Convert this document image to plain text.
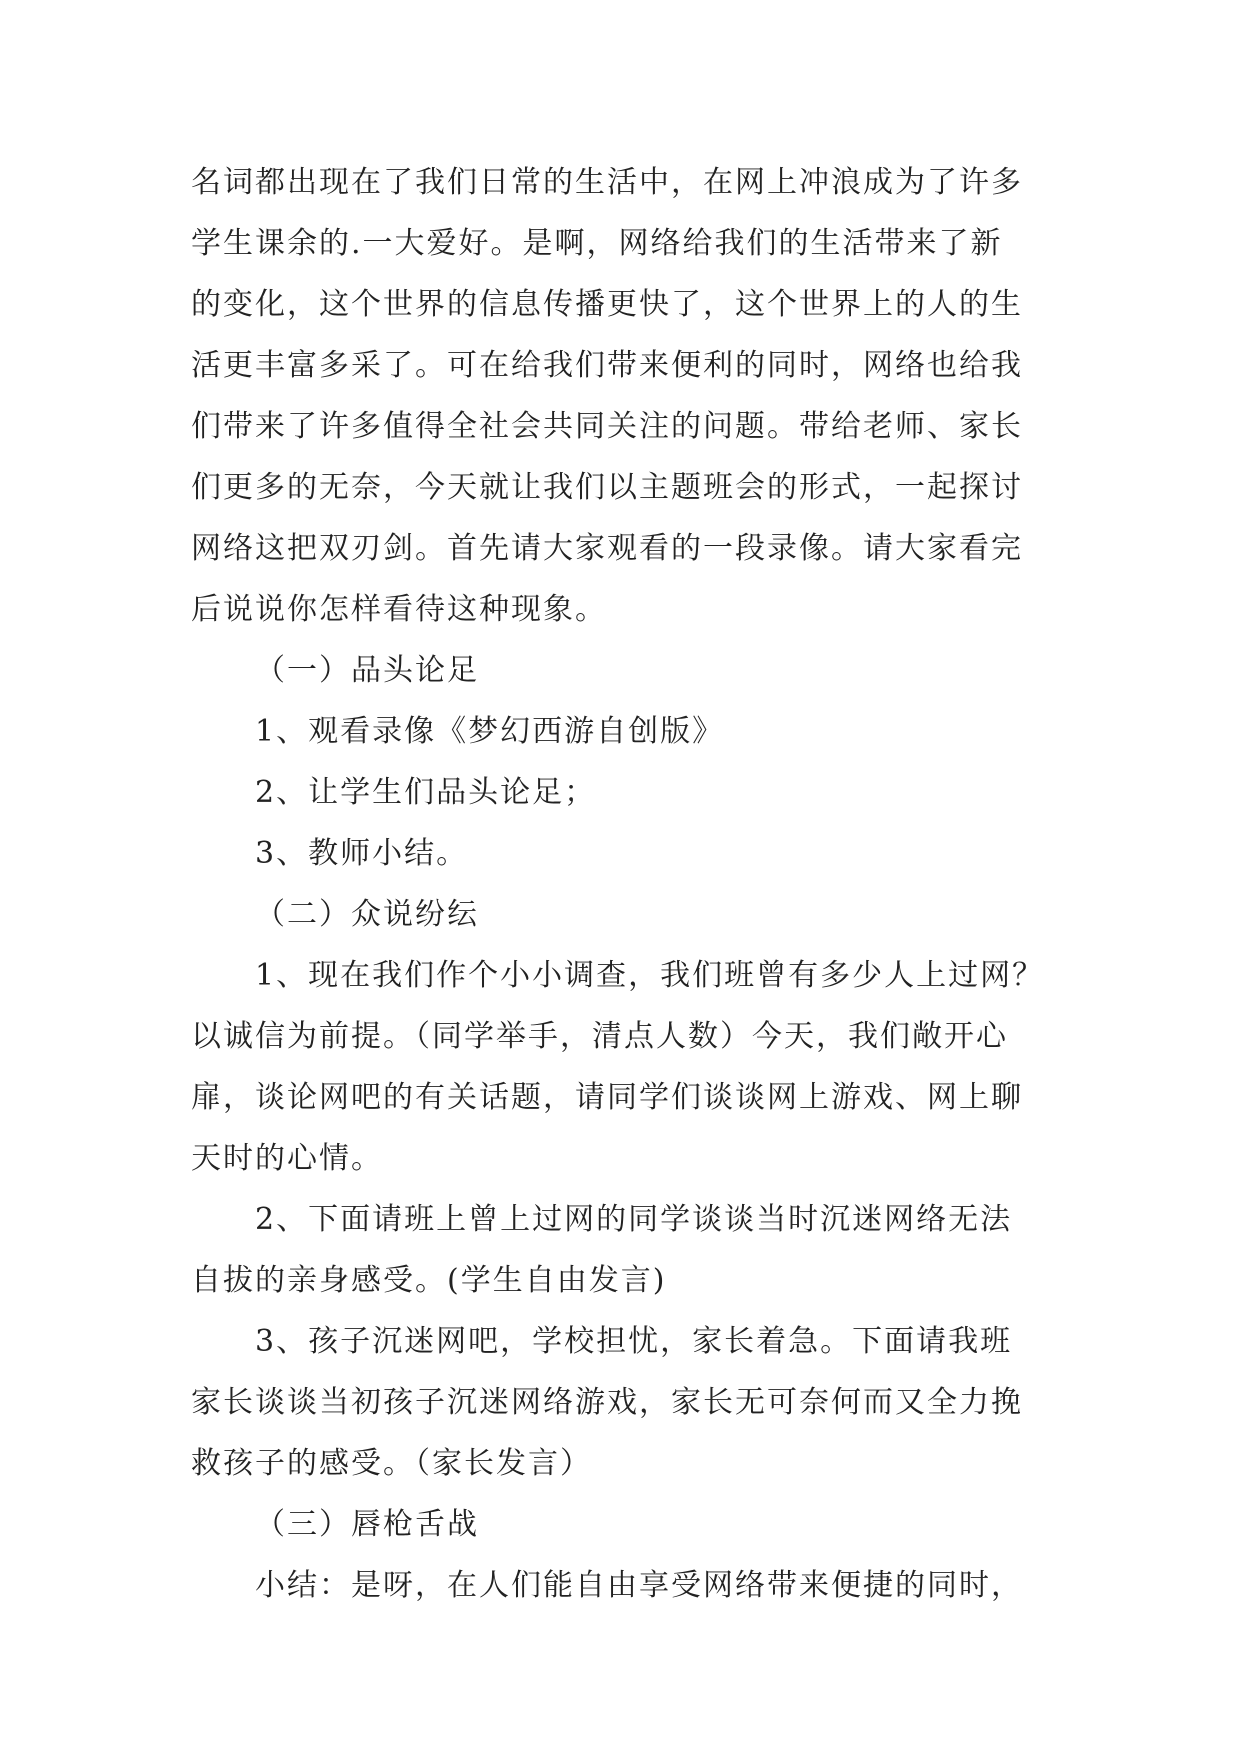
名词都出现在了我们日常的生活中，在网上冲浪成为了许多
学生课余的.一大爱好。是啊，网络给我们的生活带来了新
的变化，这个世界的信息传播更快了，这个世界上的人的生
活更丰富多采了。可在给我们带来便利的同时，网络也给我
们带来了许多值得全社会共同关注的问题。带给老师、家长
们更多的无奈，今天就让我们以主题班会的形式，一起探讨
网络这把双刃剑。首先请大家观看的一段录像。请大家看完
后说说你怎样看待这种现象。
（一）品头论足
1、观看录像《梦幻西游自创版》
2、让学生们品头论足；
3、教师小结。
（二）众说纷纭
1、现在我们作个小小调查，我们班曾有多少人上过网？
以诚信为前提。（同学举手，清点人数）今天，我们敞开心
扉，谈论网吧的有关话题，请同学们谈谈网上游戏、网上聊
天时的心情。
2、下面请班上曾上过网的同学谈谈当时沉迷网络无法
自拔的亲身感受。(学生自由发言)
3、孩子沉迷网吧，学校担忧，家长着急。下面请我班
家长谈谈当初孩子沉迷网络游戏，家长无可奈何而又全力挽
救孩子的感受。（家长发言）
（三）唇枪舌战
小结：是呀，在人们能自由享受网络带来便捷的同时，
